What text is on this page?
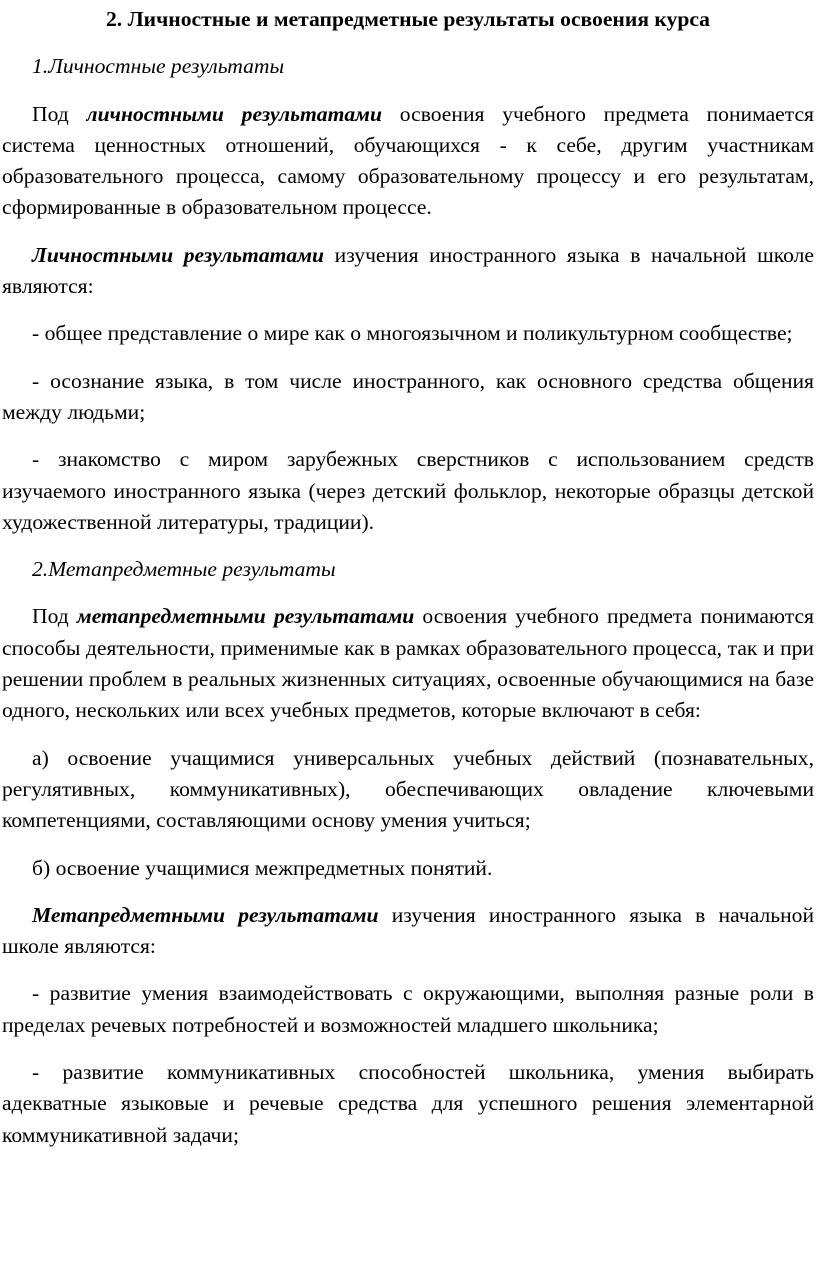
2. Личностные и метапредметные результаты освоения курса

1.Личностные результаты

Под личностными результатами освоения учебного предмета понимается система ценностных отношений, обучающихся - к себе, другим участникам образовательного процесса, самому образовательному процессу и его результатам, сформированные в образовательном процессе.

Личностными результатами изучения иностранного языка в начальной школе являются:

- общее представление о мире как о многоязычном и поликультурном сообществе;

- осознание языка, в том числе иностранного, как основного средства общения между людьми;

- знакомство с миром зарубежных сверстников с использованием средств изучаемого иностранного языка (через детский фольклор, некоторые образцы детской художественной литературы, традиции).

2.Метапредметные результаты

Под метапредметными результатами освоения учебного предмета понимаются способы деятельности, применимые как в рамках образовательного процесса, так и при решении проблем в реальных жизненных ситуациях, освоенные обучающимися на базе одного, нескольких или всех учебных предметов, которые включают в себя:

а) освоение учащимися универсальных учебных действий (познавательных, регулятивных, коммуникативных), обеспечивающих овладение ключевыми компетенциями, составляющими основу умения учиться;

б) освоение учащимися межпредметных понятий.

Метапредметными результатами изучения иностранного языка в начальной школе являются:

- развитие умения взаимодействовать с окружающими, выполняя разные роли в пределах речевых потребностей и возможностей младшего школьника;

- развитие коммуникативных способностей школьника, умения выбирать адекватные языковые и речевые средства для успешного решения элементарной коммуникативной задачи;
